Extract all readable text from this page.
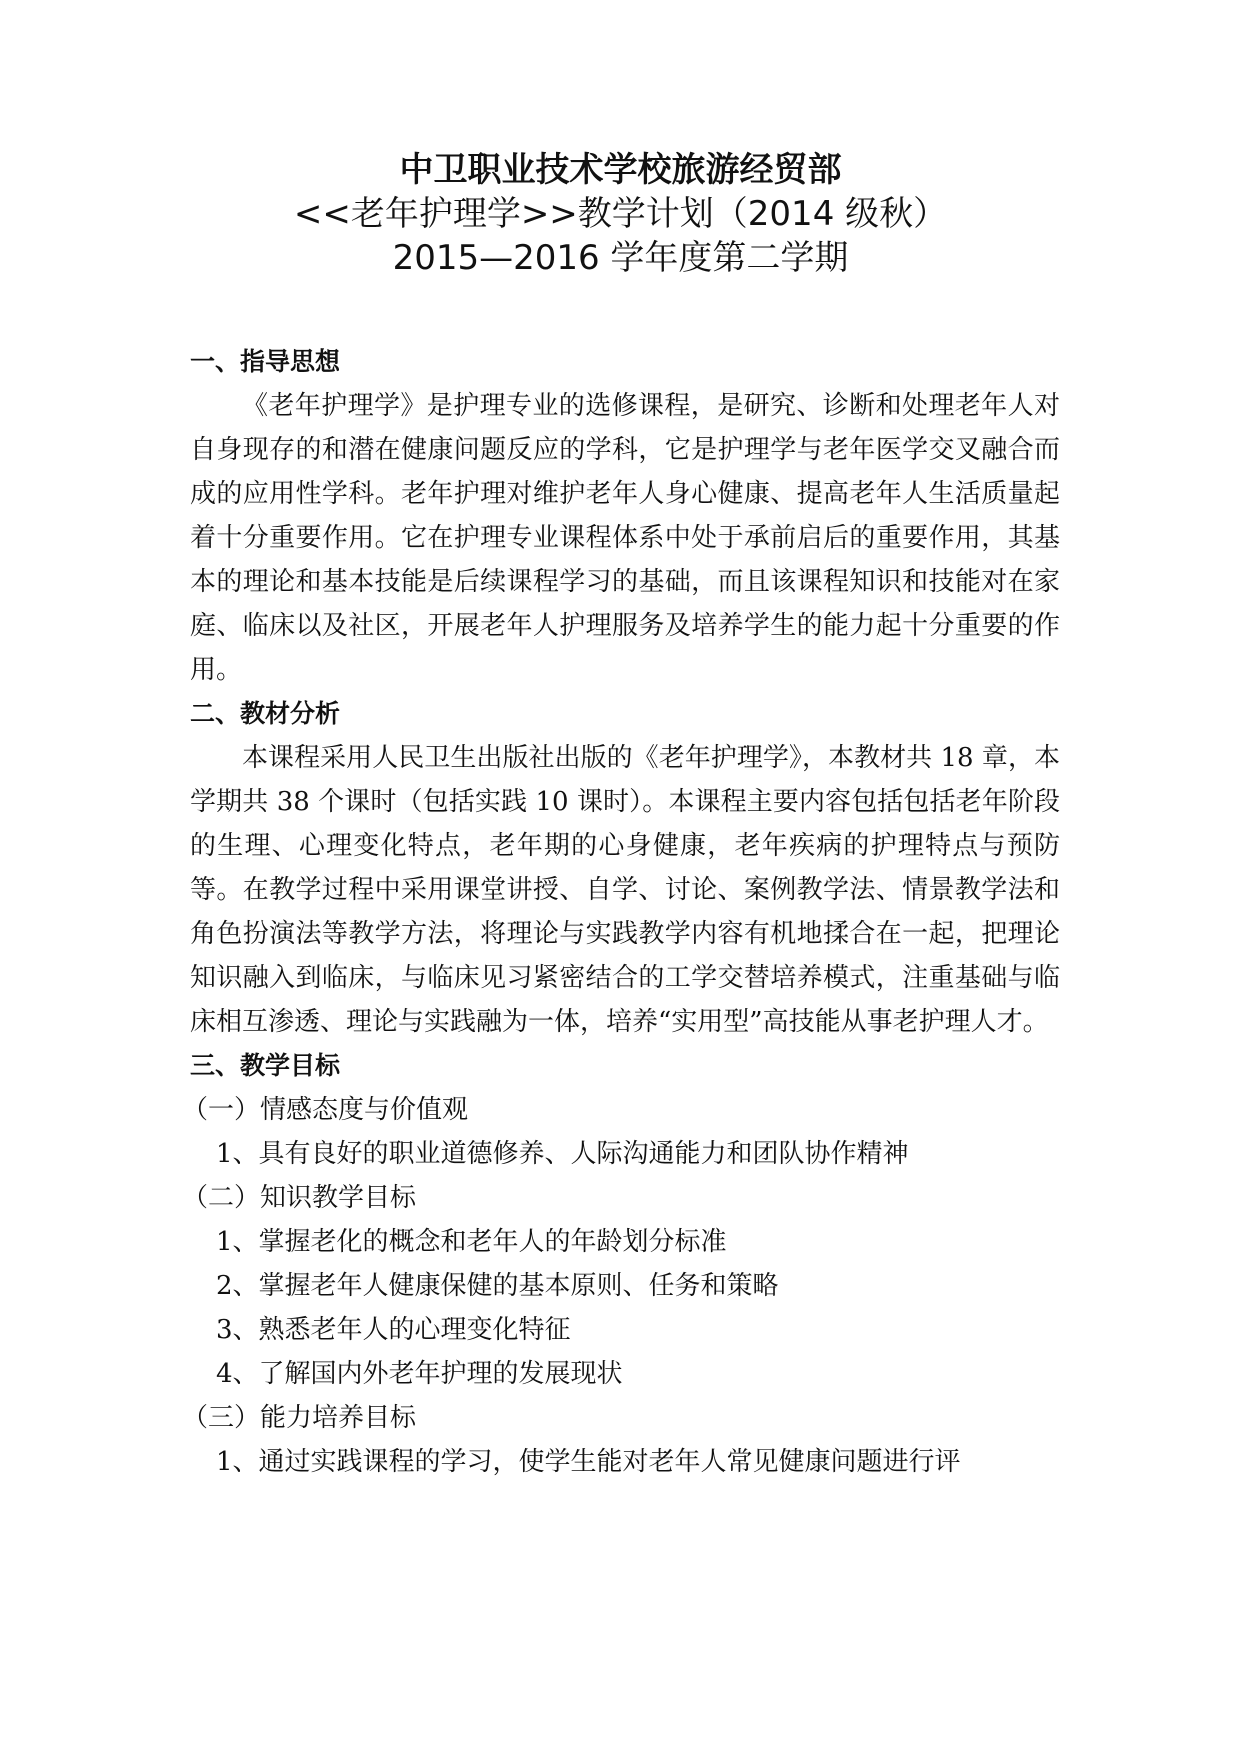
中卫职业技术学校旅游经贸部
<<老年护理学>>教学计划（2014 级秋）
2015—2016 学年度第二学期
一、指导思想

《老年护理学》是护理专业的选修课程，是研究、诊断和处理老年人对自身现存的和潜在健康问题反应的学科，它是护理学与老年医学交叉融合而成的应用性学科。老年护理对维护老年人身心健康、提高老年人生活质量起着十分重要作用。它在护理专业课程体系中处于承前启后的重要作用，其基本的理论和基本技能是后续课程学习的基础，而且该课程知识和技能对在家庭、临床以及社区，开展老年人护理服务及培养学生的能力起十分重要的作用。

二、教材分析

本课程采用人民卫生出版社出版的《老年护理学》，本教材共 18 章，本学期共 38 个课时（包括实践 10 课时）。本课程主要内容包括包括老年阶段的生理、心理变化特点，老年期的心身健康，老年疾病的护理特点与预防等。在教学过程中采用课堂讲授、自学、讨论、案例教学法、情景教学法和角色扮演法等教学方法，将理论与实践教学内容有机地揉合在一起，把理论知识融入到临床，与临床见习紧密结合的工学交替培养模式，注重基础与临床相互渗透、理论与实践融为一体，培养“实用型”高技能从事老护理人才。

三、教学目标
（一）情感态度与价值观
1、具有良好的职业道德修养、人际沟通能力和团队协作精神
（二）知识教学目标
1、掌握老化的概念和老年人的年龄划分标准
2、掌握老年人健康保健的基本原则、任务和策略
3、熟悉老年人的心理变化特征
4、了解国内外老年护理的发展现状
（三）能力培养目标
1、通过实践课程的学习，使学生能对老年人常见健康问题进行评
